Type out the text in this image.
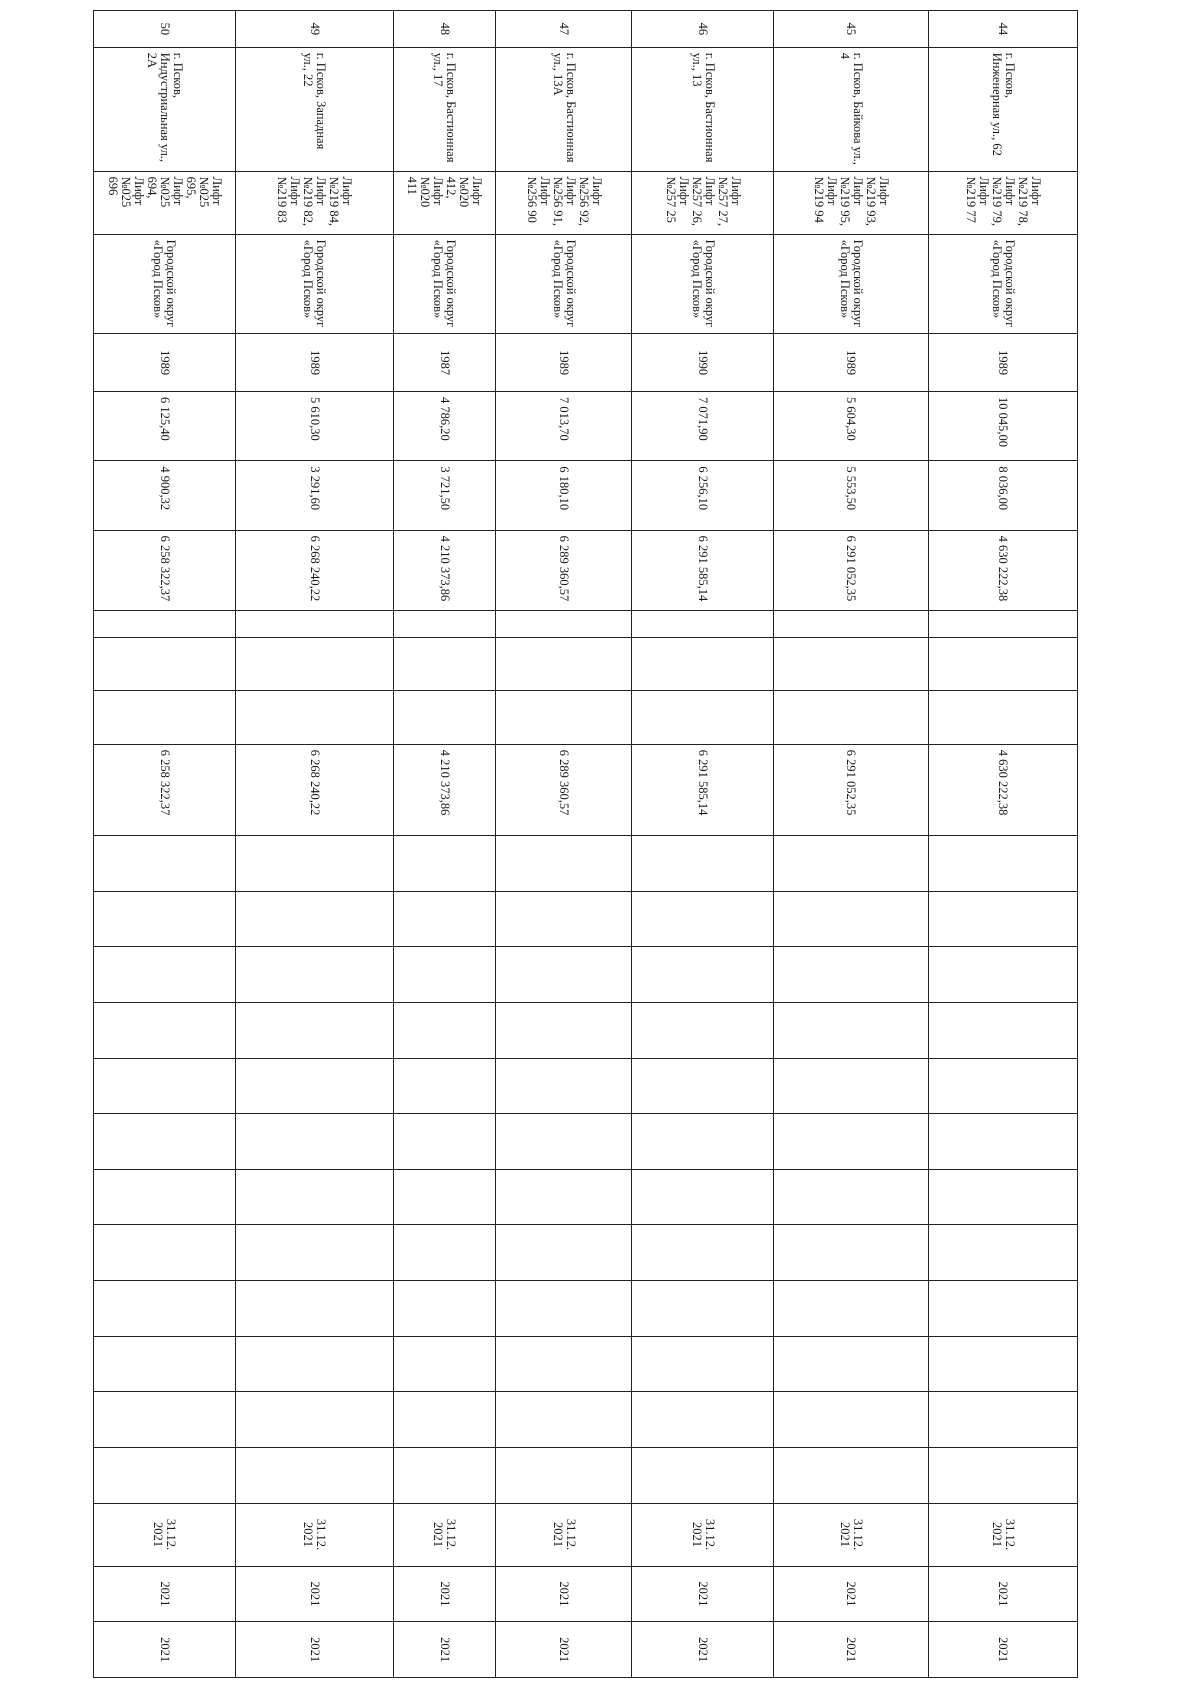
44	г. Псков, Инженерная ул., 62	Лифт №219 78, Лифт №219 79, Лифт №219 77	Городской округ «Город Псков»	1989	10 045,00	8 036,00	4 630 222,38				4 630 222,38													31.12. 2021	2021	2021
45	г. Псков, Байкова ул., 4	Лифт №219 93, Лифт №219 95, Лифт №219 94	Городской округ «Город Псков»	1989	5 604,30	5 553,50	6 291 052,35				6 291 052,35													31.12. 2021	2021	2021
46	г. Псков, Бастионная ул., 13	Лифт №257 27, Лифт №257 26, Лифт №257 25	Городской округ «Город Псков»	1990	7 071,90	6 256,10	6 291 585,14				6 291 585,14													31.12. 2021	2021	2021
47	г. Псков, Бастионная ул., 13А	Лифт №256 92, Лифт №256 91, Лифт №256 90	Городской округ «Город Псков»	1989	7 013,70	6 180,10	6 289 360,57				6 289 360,57													31.12. 2021	2021	2021
48	г. Псков, Бастионная ул., 17	Лифт №020 412, Лифт №020 411	Городской округ «Город Псков»	1987	4 786,20	3 721,50	4 210 373,86				4 210 373,86													31.12. 2021	2021	2021
49	г. Псков, Западная ул., 22	Лифт №219 84, Лифт №219 82, Лифт №219 83	Городской округ «Город Псков»	1989	5 610,30	3 291,60	6 268 240,22				6 268 240,22													31.12. 2021	2021	2021
50	г. Псков, Индустриальная ул., 2А	Лифт №025 695, Лифт №025 694, Лифт №025 696	Городской округ «Город Псков»	1989	6 125,40	4 900,32	6 258 322,37				6 258 322,37													31.12. 2021	2021	2021
